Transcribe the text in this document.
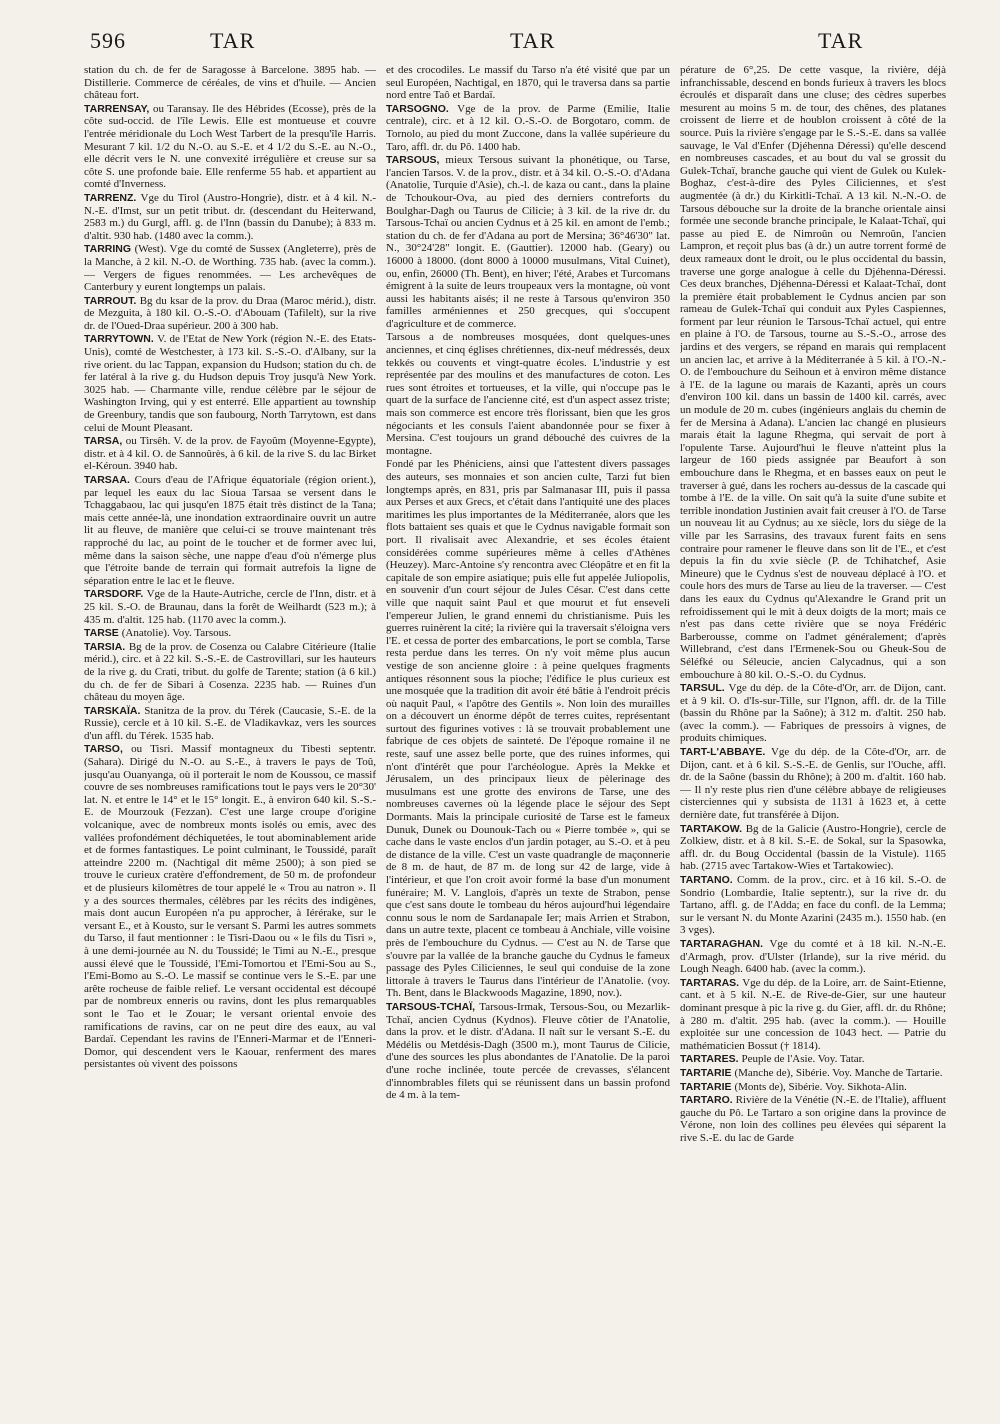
596	TAR	TAR	TAR

station du ch. de fer de Saragosse à Barcelone. 3895 hab. — Distillerie. Commerce de céréales, de vins et d'huile. — Ancien château fort.

TARRENSAY, ou Taransay. Ile des Hébrides (Ecosse), près de la côte sud-occid. de l'île Lewis. Elle est montueuse et couvre l'entrée méridionale du Loch West Tarbert de la presqu'île Harris. Mesurant 7 kil. 1/2 du N.-O. au S.-E. et 4 1/2 du S.-E. au N.-O., elle décrit vers le N. une convexité irrégulière et creuse sur sa côte S. une profonde baie. Elle renferme 55 hab. et appartient au comté d'Inverness.

TARRENZ. Vge du Tirol (Austro-Hongrie), distr. et à 4 kil. N.-N.-E. d'Imst, sur un petit tribut. dr. (descendant du Heiterwand, 2583 m.) du Gurgl, affl. g. de l'Inn (bassin du Danube); à 833 m. d'altit. 930 hab. (1480 avec la comm.).

TARRING (West). Vge du comté de Sussex (Angleterre), près de la Manche, à 2 kil. N.-O. de Worthing. 735 hab. (avec la comm.). — Vergers de figues renommées. — Les archevêques de Canterbury y eurent longtemps un palais.

TARROUT. Bg du ksar de la prov. du Draa (Maroc mérid.), distr. de Mezguita, à 180 kil. O.-S.-O. d'Abouam (Tafilelt), sur la rive dr. de l'Oued-Draa supérieur. 200 à 300 hab.

TARRYTOWN. V. de l'Etat de New York (région N.-E. des Etats-Unis), comté de Westchester, à 173 kil. S.-S.-O. d'Albany, sur la rive orient. du lac Tappan, expansion du Hudson; station du ch. de fer latéral à la rive g. du Hudson depuis Troy jusqu'à New York. 3025 hab. — Charmante ville, rendue célèbre par le séjour de Washington Irving, qui y est enterré. Elle appartient au township de Greenbury, tandis que son faubourg, North Tarrytown, est dans celui de Mount Pleasant.

TARSA, ou Tirsêh. V. de la prov. de Fayoûm (Moyenne-Egypte), distr. et à 4 kil. O. de Sannoûrès, à 6 kil. de la rive S. du lac Birket el-Kéroun. 3940 hab.

TARSAA. Cours d'eau de l'Afrique équatoriale (région orient.), par lequel les eaux du lac Sioua Tarsaa se versent dans le Tchaggabaou, lac qui jusqu'en 1875 était très distinct de la Tana; mais cette année-là, une inondation extraordinaire ouvrit un autre lit au fleuve, de manière que celui-ci se trouve maintenant très rapproché du lac, au point de le toucher et de former avec lui, même dans la saison sèche, une nappe d'eau d'où n'émerge plus que l'étroite bande de terrain qui formait autrefois la ligne de séparation entre le lac et le fleuve.

TARSDORF. Vge de la Haute-Autriche, cercle de l'Inn, distr. et à 25 kil. S.-O. de Braunau, dans la forêt de Weilhardt (523 m.); à 435 m. d'altit. 125 hab. (1170 avec la comm.).

TARSE (Anatolie). Voy. Tarsous.

TARSIA. Bg de la prov. de Cosenza ou Calabre Citérieure (Italie mérid.), circ. et à 22 kil. S.-S.-E. de Castrovillari, sur les hauteurs de la rive g. du Crati, tribut. du golfe de Tarente; station (à 6 kil.) du ch. de fer de Sibari à Cosenza. 2235 hab. — Ruines d'un château du moyen âge.

TARSKAÏA. Stanitza de la prov. du Térek (Caucasie, S.-E. de la Russie), cercle et à 10 kil. S.-E. de Vladikavkaz, vers les sources d'un affl. du Térek. 1535 hab.

TARSO, ou Tisri. Massif montagneux du Tibesti septentr. (Sahara). Dirigé du N.-O. au S.-E., à travers le pays de Toû, jusqu'au Ouanyanga, où il porterait le nom de Koussou, ce massif couvre de ses nombreuses ramifications tout le pays vers le 20°30' lat. N. et entre le 14° et le 15° longit. E., à environ 640 kil. S.-S.-E. de Mourzouk (Fezzan). C'est une large croupe d'origine volcanique, avec de nombreux monts isolés ou emis, avec des vallées profondément déchiquetées, le tout abominablement aride et de formes fantastiques. Le point culminant, le Toussidé, paraît atteindre 2200 m. (Nachtigal dit même 2500); à son pied se trouve le curieux cratère d'effondrement, de 50 m. de profondeur et de plusieurs kilomètres de tour appelé le « Trou au natron ». Il y a des sources thermales, célèbres par les récits des indigènes, mais dont aucun Européen n'a pu approcher, à Iérérake, sur le versant E., et à Kousto, sur le versant S. Parmi les autres sommets du Tarso, il faut mentionner : le Tisri-Daou ou « le fils du Tisri », à une demi-journée au N. du Toussidé; le Timi au N.-E., presque aussi élevé que le Toussidé, l'Emi-Tomortou et l'Emi-Sou au S., l'Emi-Bomo au S.-O. Le massif se continue vers le S.-E. par une arête rocheuse de faible relief. Le versant occidental est découpé par de nombreux enneris ou ravins, dont les plus remarquables sont le Tao et le Zouar; le versant oriental envoie des ramifications de ravins, car on ne peut dire des eaux, au val Bardaï. Cependant les ravins de l'Enneri-Marmar et de l'Enneri-Domor, qui descendent vers le Kaouar, renferment des mares persistantes où vivent des poissons

et des crocodiles. Le massif du Tarso n'a été visité que par un seul Européen, Nachtigal, en 1870, qui le traversa dans sa partie nord entre Taô et Bardaï.

TARSOGNO. Vge de la prov. de Parme (Emilie, Italie centrale), circ. et à 12 kil. O.-S.-O. de Borgotaro, comm. de Tornolo, au pied du mont Zuccone, dans la vallée supérieure du Taro, affl. dr. du Pô. 1400 hab.

TARSOUS, mieux Tersous suivant la phonétique, ou Tarse, l'ancien Tarsos. V. de la prov., distr. et à 34 kil. O.-S.-O. d'Adana (Anatolie, Turquie d'Asie), ch.-l. de kaza ou cant., dans la plaine de Tchoukour-Ova, au pied des derniers contreforts du Boulghar-Dagh ou Taurus de Cilicie; à 3 kil. de la rive dr. du Tarsous-Tchaï ou ancien Cydnus et à 25 kil. en amont de l'emb.; station du ch. de fer d'Adana au port de Mersina; 36°46'30" lat. N., 30°24'28" longit. E. (Gauttier). 12000 hab. (Geary) ou 16000 à 18000. (dont 8000 à 10000 musulmans, Vital Cuinet), ou, enfin, 26000 (Th. Bent), en hiver; l'été, Arabes et Turcomans émigrent à la suite de leurs troupeaux vers la montagne, où vont aussi les habitants aisés; il ne reste à Tarsous qu'environ 350 familles arméniennes et 250 grecques, qui s'occupent d'agriculture et de commerce.

Tarsous a de nombreuses mosquées, dont quelques-unes anciennes, et cinq églises chrétiennes, dix-neuf médressés, deux tekkés ou couvents et vingt-quatre écoles. L'industrie y est représentée par des moulins et des manufactures de coton. Les rues sont étroites et tortueuses, et la ville, qui n'occupe pas le quart de la surface de l'ancienne cité, est d'un aspect assez triste; mais son commerce est encore très florissant, bien que les gros négociants et les consuls l'aient abandonnée pour se fixer à Mersina. C'est toujours un grand débouché des cuivres de la montagne.

Fondé par les Phéniciens, ainsi que l'attestent divers passages des auteurs, ses monnaies et son ancien culte, Tarzi fut bien longtemps après, en 831, pris par Salmanasar III, puis il passa aux Perses et aux Grecs, et c'était dans l'antiquité une des places maritimes les plus importantes de la Méditerranée, alors que les flots battaient ses quais et que le Cydnus navigable formait son port. Il rivalisait avec Alexandrie, et ses écoles étaient considérées comme supérieures même à celles d'Athènes (Heuzey). Marc-Antoine s'y rencontra avec Cléopâtre et en fit la capitale de son empire asiatique; puis elle fut appelée Juliopolis, en souvenir d'un court séjour de Jules César. C'est dans cette ville que naquit saint Paul et que mourut et fut enseveli l'empereur Julien, le grand ennemi du christianisme. Puis les guerres ruinèrent la cité; la rivière qui la traversait s'éloigna vers l'E. et cessa de porter des embarcations, le port se combla, Tarse resta perdue dans les terres. On n'y voit même plus aucun vestige de son ancienne gloire : à peine quelques fragments antiques résonnent sous la pioche; l'édifice le plus curieux est une mosquée que la tradition dit avoir été bâtie à l'endroit précis où naquit Paul, « l'apôtre des Gentils ». Non loin des murailles on a découvert un énorme dépôt de terres cuites, représentant surtout des figurines votives : là se trouvait probablement une fabrique de ces objets de sainteté. De l'époque romaine il ne reste, sauf une assez belle porte, que des ruines informes, qui n'ont d'intérêt que pour l'archéologue. Après la Mekke et Jérusalem, un des principaux lieux de pèlerinage des musulmans est une grotte des environs de Tarse, une des nombreuses cavernes où la légende place le séjour des Sept Dormants. Mais la principale curiosité de Tarse est le fameux Dunuk, Dunek ou Dounouk-Tach ou « Pierre tombée », qui se cache dans le vaste enclos d'un jardin potager, au S.-O. et à peu de distance de la ville. C'est un vaste quadrangle de maçonnerie de 8 m. de haut, de 87 m. de long sur 42 de large, vide à l'intérieur, et que l'on croit avoir formé la base d'un monument funéraire; M. V. Langlois, d'après un texte de Strabon, pense que c'est sans doute le tombeau du héros aujourd'hui légendaire connu sous le nom de Sardanapale Ier; mais Arrien et Strabon, dans un autre texte, placent ce tombeau à Anchiale, ville voisine près de l'embouchure du Cydnus. — C'est au N. de Tarse que s'ouvre par la vallée de la branche gauche du Cydnus le fameux passage des Pyles Ciliciennes, le seul qui conduise de la zone littorale à travers le Taurus dans l'intérieur de l'Anatolie. (voy. Th. Bent, dans le Blackwoods Magazine, 1890, nov.).

TARSOUS-TCHAÏ, Tarsous-Irmak, Tersous-Sou, ou Mezarlik-Tchaï, ancien Cydnus (Kydnos). Fleuve côtier de l'Anatolie, dans la prov. et le distr. d'Adana. Il naît sur le versant S.-E. du Médélis ou Metdésis-Dagh (3500 m.), mont Taurus de Cilicie, d'une des sources les plus abondantes de l'Anatolie. De la paroi d'une roche inclinée, toute percée de crevasses, s'élancent d'innombrables filets qui se réunissent dans un bassin profond de 4 m. à la tem-

pérature de 6°,25. De cette vasque, la rivière, déjà infranchissable, descend en bonds furieux à travers les blocs écroulés et disparaît dans une cluse; des cèdres superbes mesurent au moins 5 m. de tour, des chênes, des platanes croissent de lierre et de houblon croissent à côté de la source. Puis la rivière s'engage par le S.-S.-E. dans sa vallée sauvage, le Val d'Enfer (Djéhenna Déressi) qu'elle descend en nombreuses cascades, et au bout du val se grossit du Gulek-Tchaï, branche gauche qui vient de Gulek ou Kulek-Boghaz, c'est-à-dire des Pyles Ciliciennes, et s'est augmentée (à dr.) du Kirkitli-Tchaï. A 13 kil. N.-N.-O. de Tarsous débouche sur la droite de la branche orientale ainsi formée une seconde branche principale, le Kalaat-Tchaï, qui passe au pied E. de Nimroûn ou Nemroûn, l'ancien Lampron, et reçoit plus bas (à dr.) un autre torrent formé de deux rameaux dont le droit, ou le plus occidental du bassin, traverse une gorge analogue à celle du Djéhenna-Déressi. Ces deux branches, Djéhenna-Déressi et Kalaat-Tchaï, dont la première était probablement le Cydnus ancien par son rameau de Gulek-Tchaï qui conduit aux Pyles Caspiennes, forment par leur réunion le Tarsous-Tchaï actuel, qui entre en plaine à l'O. de Tarsous, tourne au S.-S.-O., arrose des jardins et des vergers, se répand en marais qui remplacent un ancien lac, et arrive à la Méditerranée à 5 kil. à l'O.-N.-O. de l'embouchure du Seihoun et à environ même distance à l'E. de la lagune ou marais de Kazanti, après un cours d'environ 100 kil. dans un bassin de 1400 kil. carrés, avec un module de 20 m. cubes (ingénieurs anglais du chemin de fer de Mersina à Adana). L'ancien lac changé en plusieurs marais était la lagune Rhegma, qui servait de port à l'opulente Tarse. Aujourd'hui le fleuve n'atteint plus la largeur de 160 pieds assignée par Beaufort à son embouchure dans le Rhegma, et en basses eaux on peut le traverser à gué, dans les rochers au-dessus de la cascade qui tombe à l'E. de la ville. On sait qu'à la suite d'une subite et terrible inondation Justinien avait fait creuser à l'O. de Tarse un nouveau lit au Cydnus; au xe siècle, lors du siège de la ville par les Sarrasins, des travaux furent faits en sens contraire pour ramener le fleuve dans son lit de l'E., et c'est depuis la fin du xvie siècle (P. de Tchihatchef, Asie Mineure) que le Cydnus s'est de nouveau déplacé à l'O. et coule hors des murs de Tarse au lieu de la traverser. — C'est dans les eaux du Cydnus qu'Alexandre le Grand prit un refroidissement qui le mit à deux doigts de la mort; mais ce n'est pas dans cette rivière que se noya Frédéric Barberousse, comme on l'admet généralement; d'après Willebrand, c'est dans l'Ermenek-Sou ou Gheuk-Sou de Séléfké ou Séleucie, ancien Calycadnus, qui a son embouchure à 80 kil. O.-S.-O. du Cydnus.

TARSUL. Vge du dép. de la Côte-d'Or, arr. de Dijon, cant. et à 9 kil. O. d'Is-sur-Tille, sur l'Ignon, affl. dr. de la Tille (bassin du Rhône par la Saône); à 312 m. d'altit. 250 hab. (avec la comm.). — Fabriques de pressoirs à vignes, de produits chimiques.

TART-L'ABBAYE. Vge du dép. de la Côte-d'Or, arr. de Dijon, cant. et à 6 kil. S.-S.-E. de Genlis, sur l'Ouche, affl. dr. de la Saône (bassin du Rhône); à 200 m. d'altit. 160 hab. — Il n'y reste plus rien d'une célèbre abbaye de religieuses cisterciennes qui y subsista de 1131 à 1623 et, à cette dernière date, fut transférée à Dijon.

TARTAKOW. Bg de la Galicie (Austro-Hongrie), cercle de Zolkiew, distr. et à 8 kil. S.-E. de Sokal, sur la Spasowka, affl. dr. du Boug Occidental (bassin de la Vistule). 1165 hab. (2715 avec Tartakow-Wies et Tartakowiec).

TARTANO. Comm. de la prov., circ. et à 16 kil. S.-O. de Sondrio (Lombardie, Italie septentr.), sur la rive dr. du Tartano, affl. g. de l'Adda; en face du confl. de la Lemma; sur le versant N. du Monte Azarini (2435 m.). 1550 hab. (en 3 vges).

TARTARAGHAN. Vge du comté et à 18 kil. N.-N.-E. d'Armagh, prov. d'Ulster (Irlande), sur la rive mérid. du Lough Neagh. 6400 hab. (avec la comm.).

TARTARAS. Vge du dép. de la Loire, arr. de Saint-Etienne, cant. et à 5 kil. N.-E. de Rive-de-Gier, sur une hauteur dominant presque à pic la rive g. du Gier, affl. dr. du Rhône; à 280 m. d'altit. 295 hab. (avec la comm.). — Houille exploitée sur une concession de 1043 hect. — Patrie du mathématicien Bossut († 1814).

TARTARES. Peuple de l'Asie. Voy. Tatar.

TARTARIE (Manche de), Sibérie. Voy. Manche de Tartarie.

TARTARIE (Monts de), Sibérie. Voy. Sikhota-Alin.

TARTARO. Rivière de la Vénétie (N.-E. de l'Italie), affluent gauche du Pô. Le Tartaro a son origine dans la province de Vérone, non loin des collines peu élevées qui séparent la rive S.-E. du lac de Garde
